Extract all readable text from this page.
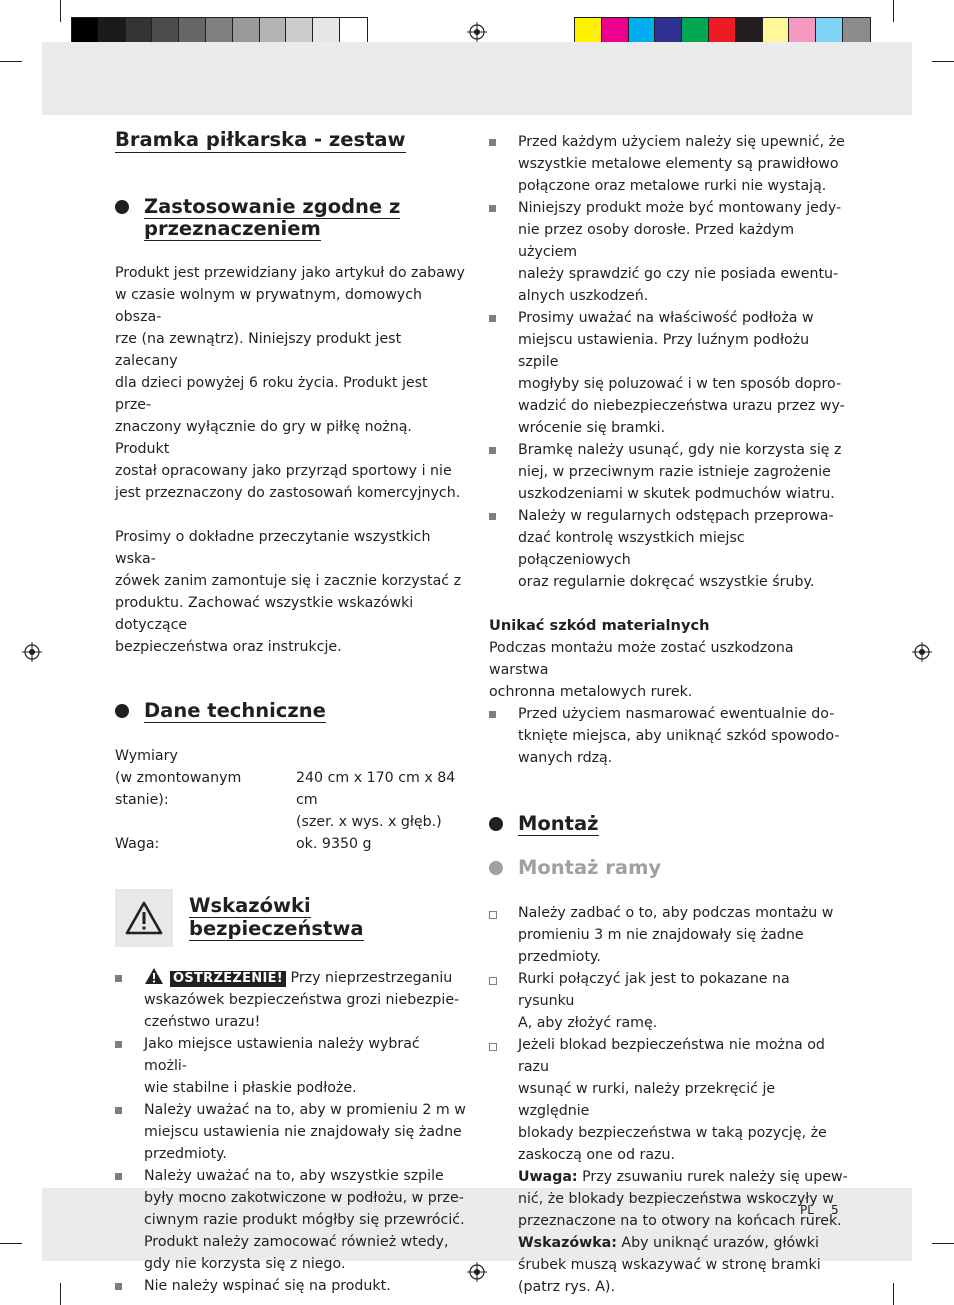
Bramka piłkarska - zestaw
Zastosowanie zgodne z
przeznaczeniem
Produkt jest przewidziany jako artykuł do zabawy
w czasie wolnym w prywatnym, domowych obsza-
rze (na zewnątrz). Niniejszy produkt jest zalecany
dla dzieci powyżej 6 roku życia. Produkt jest prze-
znaczony wyłącznie do gry w piłkę nożną. Produkt
został opracowany jako przyrząd sportowy i nie
jest przeznaczony do zastosowań komercyjnych.
Prosimy o dokładne przeczytanie wszystkich wska-
zówek zanim zamontuje się i zacznie korzystać z
produktu. Zachować wszystkie wskazówki dotyczące
bezpieczeństwa oraz instrukcje.
Dane techniczne
Wymiary	
(w zmontowanym stanie):	240 cm x 170 cm x 84 cm
	(szer. x wys. x głęb.)
Waga:	ok. 9350 g
Wskazówki
bezpieczeństwa
OSTRZEŻENIE! Przy nieprzestrzeganiu
wskazówek bezpieczeństwa grozi niebezpie-
czeństwo urazu!
Jako miejsce ustawienia należy wybrać możli-
wie stabilne i płaskie podłoże.
Należy uważać na to, aby w promieniu 2 m w
miejscu ustawienia nie znajdowały się żadne
przedmioty.
Należy uważać na to, aby wszystkie szpile
były mocno zakotwiczone w podłożu, w prze-
ciwnym razie produkt mógłby się przewrócić.
Produkt należy zamocować również wtedy,
gdy nie korzysta się z niego.
Nie należy wspinać się na produkt.
Przed każdym użyciem należy się upewnić, że
wszystkie metalowe elementy są prawidłowo
połączone oraz metalowe rurki nie wystają.
Niniejszy produkt może być montowany jedy-
nie przez osoby dorosłe. Przed każdym użyciem
należy sprawdzić go czy nie posiada ewentu-
alnych uszkodzeń.
Prosimy uważać na właściwość podłoża w
miejscu ustawienia. Przy luźnym podłożu szpile
mogłyby się poluzować i w ten sposób dopro-
wadzić do niebezpieczeństwa urazu przez wy-
wrócenie się bramki.
Bramkę należy usunąć, gdy nie korzysta się z
niej, w przeciwnym razie istnieje zagrożenie
uszkodzeniami w skutek podmuchów wiatru.
Należy w regularnych odstępach przeprowa-
dzać kontrolę wszystkich miejsc połączeniowych
oraz regularnie dokręcać wszystkie śruby.
Unikać szkód materialnych
Podczas montażu może zostać uszkodzona warstwa
ochronna metalowych rurek.
Przed użyciem nasmarować ewentualnie do-
tknięte miejsca, aby uniknąć szkód spowodo-
wanych rdzą.
Montaż
Montaż ramy
Należy zadbać o to, aby podczas montażu w
promieniu 3 m nie znajdowały się żadne
przedmioty.
Rurki połączyć jak jest to pokazane na rysunku
A, aby złożyć ramę.
Jeżeli blokad bezpieczeństwa nie można od razu
wsunąć w rurki, należy przekręcić je względnie
blokady bezpieczeństwa w taką pozycję, że
zaskoczą one od razu.
Uwaga: Przy zsuwaniu rurek należy się upew-
nić, że blokady bezpieczeństwa wskoczyły w
przeznaczone na to otwory na końcach rurek.
Wskazówka: Aby uniknąć urazów, główki
śrubek muszą wskazywać w stronę bramki
(patrz rys. A).
PL 5
